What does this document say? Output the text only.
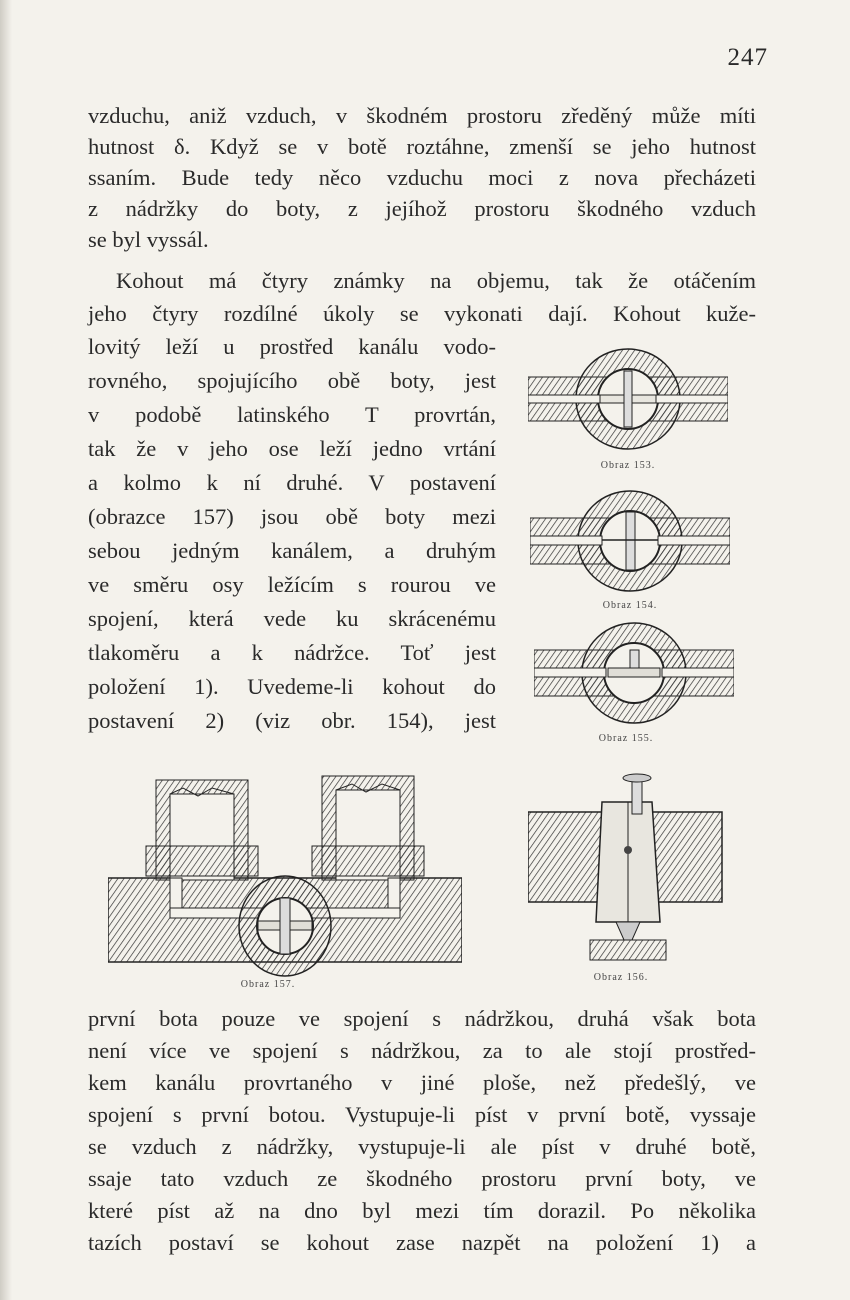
247
vzduchu, aniž vzduch, v škodném prostoru zředěný může míti
hutnost δ. Když se v botě roztáhne, zmenší se jeho hutnost
ssaním. Bude tedy něco vzduchu moci z nova přecházeti
z nádržky do boty, z jejíhož prostoru škodného vzduch
se byl vyssál.
Kohout má čtyry známky na objemu, tak že otáčením
jeho čtyry rozdílné úkoly se vykonati dají. Kohout kuže-
lovitý leží u prostřed kanálu vodo-
rovného, spojujícího obě boty, jest
v podobě latinského T provrtán,
tak že v jeho ose leží jedno vrtání
a kolmo k ní druhé. V postavení
(obrazce 157) jsou obě boty mezi
sebou jedným kanálem, a druhým
ve směru osy ležícím s rourou ve
spojení, která vede ku skrácenému
tlakoměru a k nádržce. Toť jest
položení 1). Uvedeme-li kohout do
postavení 2) (viz obr. 154), jest
Obraz 153.
Obraz 154.
Obraz 155.
Obraz 157.
Obraz 156.
první bota pouze ve spojení s nádržkou, druhá však bota
není více ve spojení s nádržkou, za to ale stojí prostřed-
kem kanálu provrtaného v jiné ploše, než předešlý, ve
spojení s první botou. Vystupuje-li píst v první botě, vyssaje
se vzduch z nádržky, vystupuje-li ale píst v druhé botě,
ssaje tato vzduch ze škodného prostoru první boty, ve
které píst až na dno byl mezi tím dorazil. Po několika
tazích postaví se kohout zase nazpět na položení 1) a
